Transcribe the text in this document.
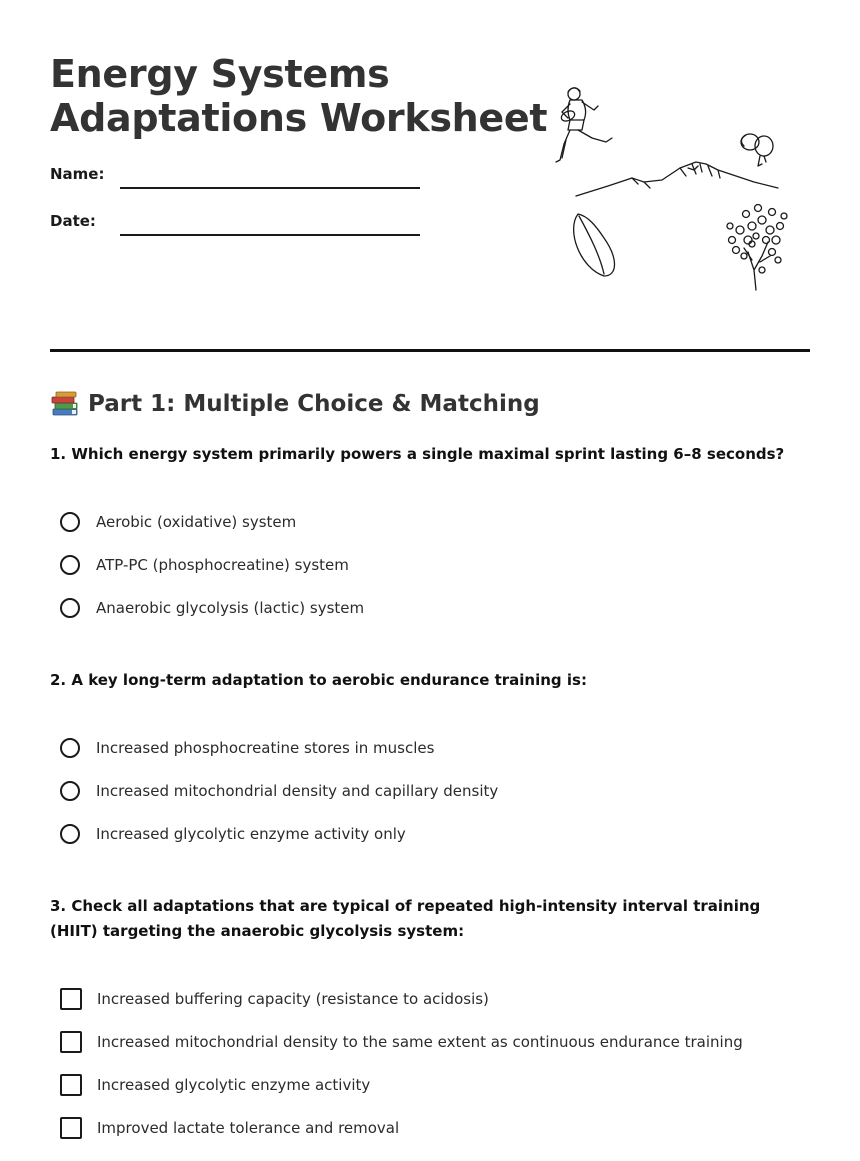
Energy Systems
Adaptations Worksheet
Name:
Date:
Part 1: Multiple Choice & Matching

1. Which energy system primarily powers a single maximal sprint lasting 6–8 seconds?

Aerobic (oxidative) system
ATP-PC (phosphocreatine) system
Anaerobic glycolysis (lactic) system

2. A key long-term adaptation to aerobic endurance training is:

Increased phosphocreatine stores in muscles
Increased mitochondrial density and capillary density
Increased glycolytic enzyme activity only

3. Check all adaptations that are typical of repeated high-intensity interval training (HIIT) targeting the anaerobic glycolysis system:

Increased buffering capacity (resistance to acidosis)
Increased mitochondrial density to the same extent as continuous endurance training
Increased glycolytic enzyme activity
Improved lactate tolerance and removal
